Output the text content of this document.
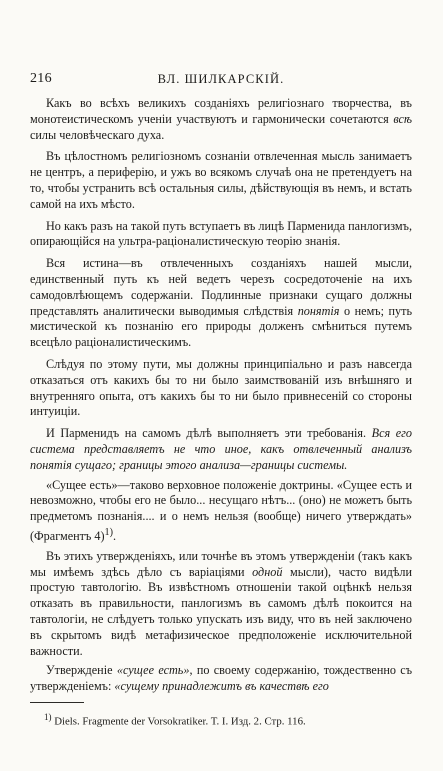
216	ВЛ. ШИЛКАРСКІЙ.

Какъ во всѣхъ великихъ созданіяхъ религіознаго творчества, въ монотеистическомъ ученіи участвуютъ и гармонически сочетаются всѣ силы человѣческаго духа.

Въ цѣлостномъ религіозномъ сознаніи отвлеченная мысль занимаетъ не центръ, а периферію, и ужъ во всякомъ случаѣ она не претендуетъ на то, чтобы устранить всѣ остальныя силы, дѣйствующія въ немъ, и встать самой на ихъ мѣсто.

Но какъ разъ на такой путь вступаетъ въ лицѣ Парменида панлогизмъ, опирающійся на ультра-раціоналистическую теорію знанія.

Вся истина—въ отвлеченныхъ созданіяхъ нашей мысли, единственный путь къ ней ведетъ черезъ сосредоточеніе на ихъ самодовлѣющемъ содержаніи. Подлинные признаки сущаго должны представлять аналитически выводимыя слѣдствія понятія о немъ; путь мистической къ познанію его природы долженъ смѣниться путемъ всецѣло раціоналистическимъ.

Слѣдуя по этому пути, мы должны принципіально и разъ навсегда отказаться отъ какихъ бы то ни было заимствованій изъ внѣшняго и внутренняго опыта, отъ какихъ бы то ни было привнесеній со стороны интуиціи.

И Парменидъ на самомъ дѣлѣ выполняетъ эти требованія. Вся его система представляетъ не что иное, какъ отвлеченный анализъ понятія сущаго; границы этого анализа—границы системы.

«Сущее есть»—таково верховное положеніе доктрины. «Сущее есть и невозможно, чтобы его не было... несущаго нѣтъ... (оно) не можетъ быть предметомъ познанія.... и о немъ нельзя (вообще) ничего утверждать» (Фрагментъ 4)$^{1)}$.

Въ этихъ утвержденіяхъ, или точнѣе въ этомъ утвержденіи (такъ какъ мы имѣемъ здѣсь дѣло съ варіаціями одной мысли), часто видѣли простую тавтологію. Въ извѣстномъ отношеніи такой оцѣнкѣ нельзя отказать въ правильности, панлогизмъ въ самомъ дѣлѣ покоится на тавтологіи, не слѣдуетъ только упускать изъ виду, что въ ней заключено въ скрытомъ видѣ метафизическое предположеніе исключительной важности.

Утвержденіе «сущее есть», по своему содержанію, тождественно съ утвержденіемъ: «сущему принадлежитъ въ качествѣ его

$^{1)}$ Diels. Fragmente der Vorsokratiker. T. I. Изд. 2. Стр. 116.
